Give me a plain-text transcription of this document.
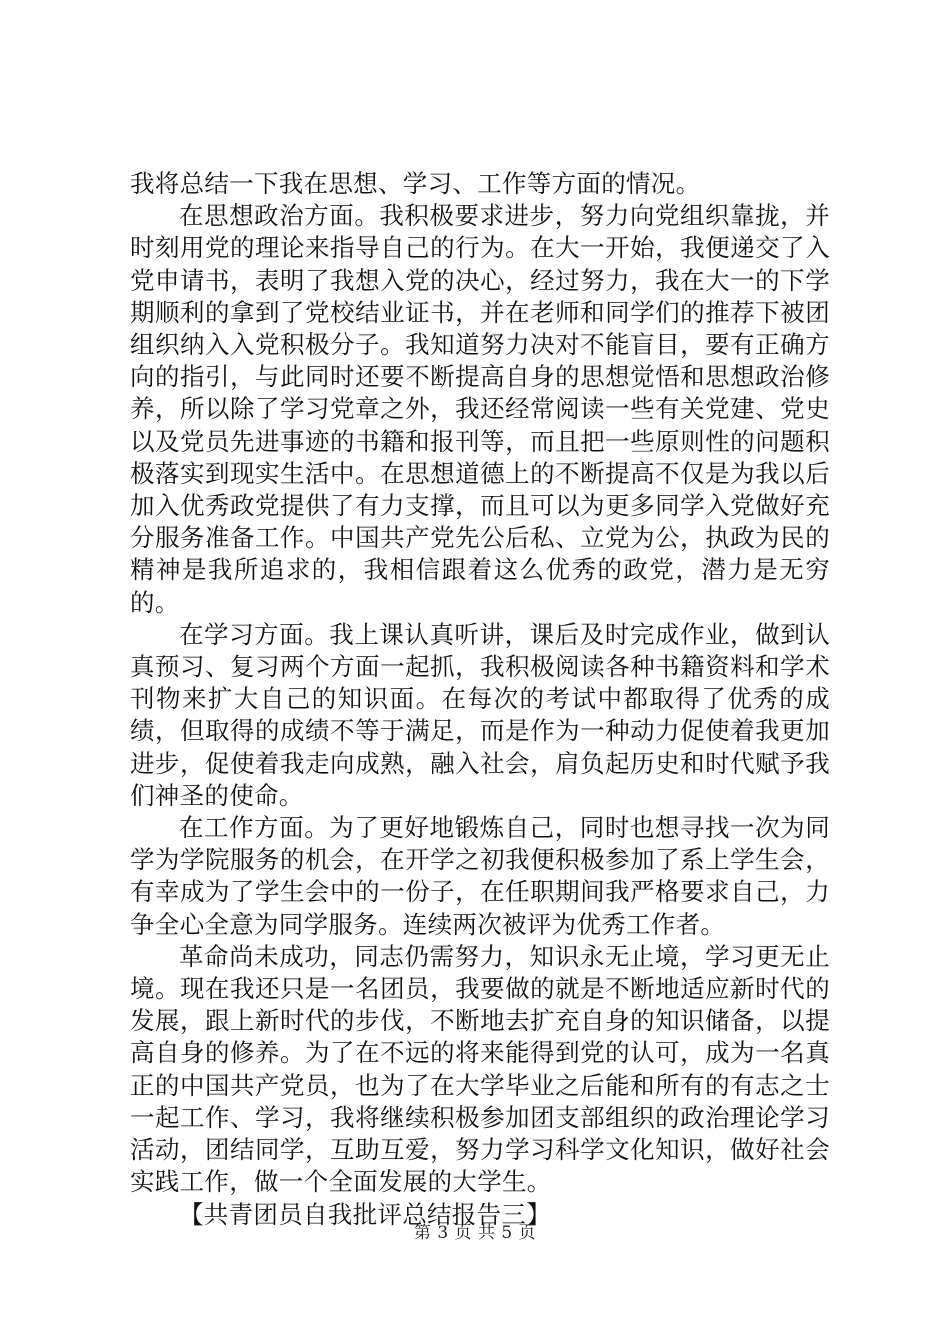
我将总结一下我在思想、学习、工作等方面的情况。

在思想政治方面。我积极要求进步，努力向党组织靠拢，并时刻用党的理论来指导自己的行为。在大一开始，我便递交了入党申请书，表明了我想入党的决心，经过努力，我在大一的下学期顺利的拿到了党校结业证书，并在老师和同学们的推荐下被团组织纳入入党积极分子。我知道努力决对不能盲目，要有正确方向的指引，与此同时还要不断提高自身的思想觉悟和思想政治修养，所以除了学习党章之外，我还经常阅读一些有关党建、党史以及党员先进事迹的书籍和报刊等，而且把一些原则性的问题积极落实到现实生活中。在思想道德上的不断提高不仅是为我以后加入优秀政党提供了有力支撑，而且可以为更多同学入党做好充分服务准备工作。中国共产党先公后私、立党为公，执政为民的精神是我所追求的，我相信跟着这么优秀的政党，潜力是无穷的。

在学习方面。我上课认真听讲，课后及时完成作业，做到认真预习、复习两个方面一起抓，我积极阅读各种书籍资料和学术刊物来扩大自己的知识面。在每次的考试中都取得了优秀的成绩，但取得的成绩不等于满足，而是作为一种动力促使着我更加进步，促使着我走向成熟，融入社会，肩负起历史和时代赋予我们神圣的使命。

在工作方面。为了更好地锻炼自己，同时也想寻找一次为同学为学院服务的机会，在开学之初我便积极参加了系上学生会，有幸成为了学生会中的一份子，在任职期间我严格要求自己，力争全心全意为同学服务。连续两次被评为优秀工作者。

革命尚未成功，同志仍需努力，知识永无止境，学习更无止境。现在我还只是一名团员，我要做的就是不断地适应新时代的发展，跟上新时代的步伐，不断地去扩充自身的知识储备，以提高自身的修养。为了在不远的将来能得到党的认可，成为一名真正的中国共产党员，也为了在大学毕业之后能和所有的有志之士一起工作、学习，我将继续积极参加团支部组织的政治理论学习活动，团结同学，互助互爱，努力学习科学文化知识，做好社会实践工作，做一个全面发展的大学生。

【共青团员自我批评总结报告三】

第 3 页 共 5 页
